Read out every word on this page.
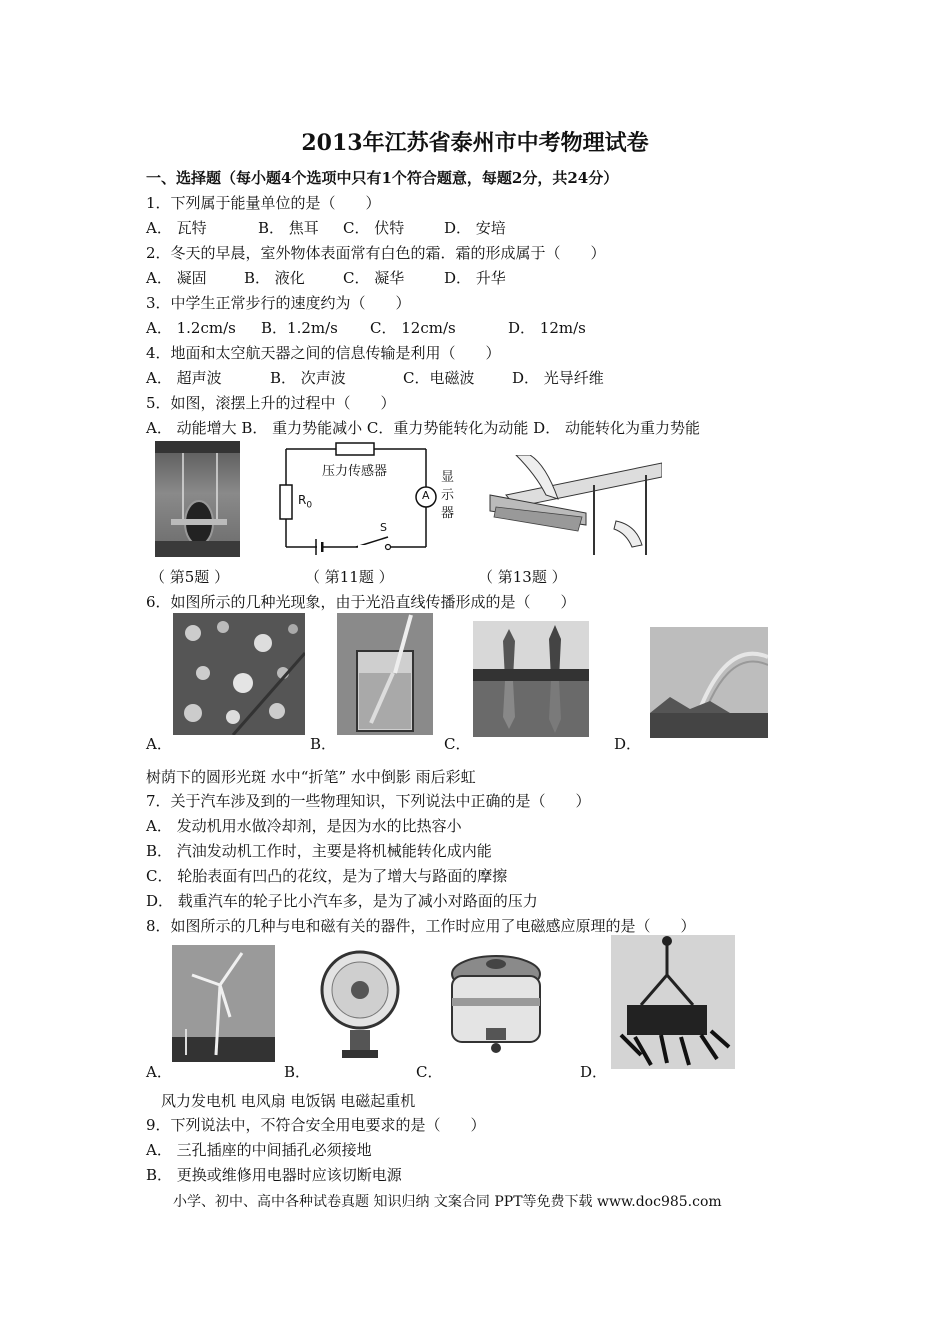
2013年江苏省泰州市中考物理试卷
一、选择题（每小题4个选项中只有1个符合题意，每题2分，共24分）
1．下列属于能量单位的是（　　）
A． 瓦特	B． 焦耳 C． 伏特	D． 安培
2．冬天的早晨，室外物体表面常有白色的霜．霜的形成属于（　　）
A． 凝固 B． 液化	C． 凝华	D． 升华
3．中学生正常步行的速度约为（　　）
A． 1.2cm/s B．1.2m/s C． 12cm/s	D． 12m/s
4．地面和太空航天器之间的信息传输是利用（　　）
A． 超声波	B． 次声波	C．电磁波	D． 光导纤维
5．如图，滚摆上升的过程中（　　）
A． 动能增大 B． 重力势能减小 C．重力势能转化为动能 D． 动能转化为重力势能
压力传感器
$R_0$
A
S
显
示
器
（ 第5题 ）	（ 第11题 ）	（ 第13题 ）
6．如图所示的几种光现象，由于光沿直线传播形成的是（　　）
A．	B．	C．	D．
树荫下的圆形光斑 水中“折笔” 水中倒影 雨后彩虹
7．关于汽车涉及到的一些物理知识，下列说法中正确的是（　　）
A． 发动机用水做冷却剂，是因为水的比热容小
B． 汽油发动机工作时，主要是将机械能转化成内能
C． 轮胎表面有凹凸的花纹，是为了增大与路面的摩擦
D． 载重汽车的轮子比小汽车多，是为了减小对路面的压力
8．如图所示的几种与电和磁有关的器件，工作时应用了电磁感应原理的是（　　）
A．	B．	C．	D．
风力发电机 电风扇 电饭锅 电磁起重机
9．下列说法中，不符合安全用电要求的是（　　）
A． 三孔插座的中间插孔必须接地
B． 更换或维修用电器时应该切断电源
小学、初中、高中各种试卷真题 知识归纳 文案合同 PPT等免费下载 www.doc985.com
